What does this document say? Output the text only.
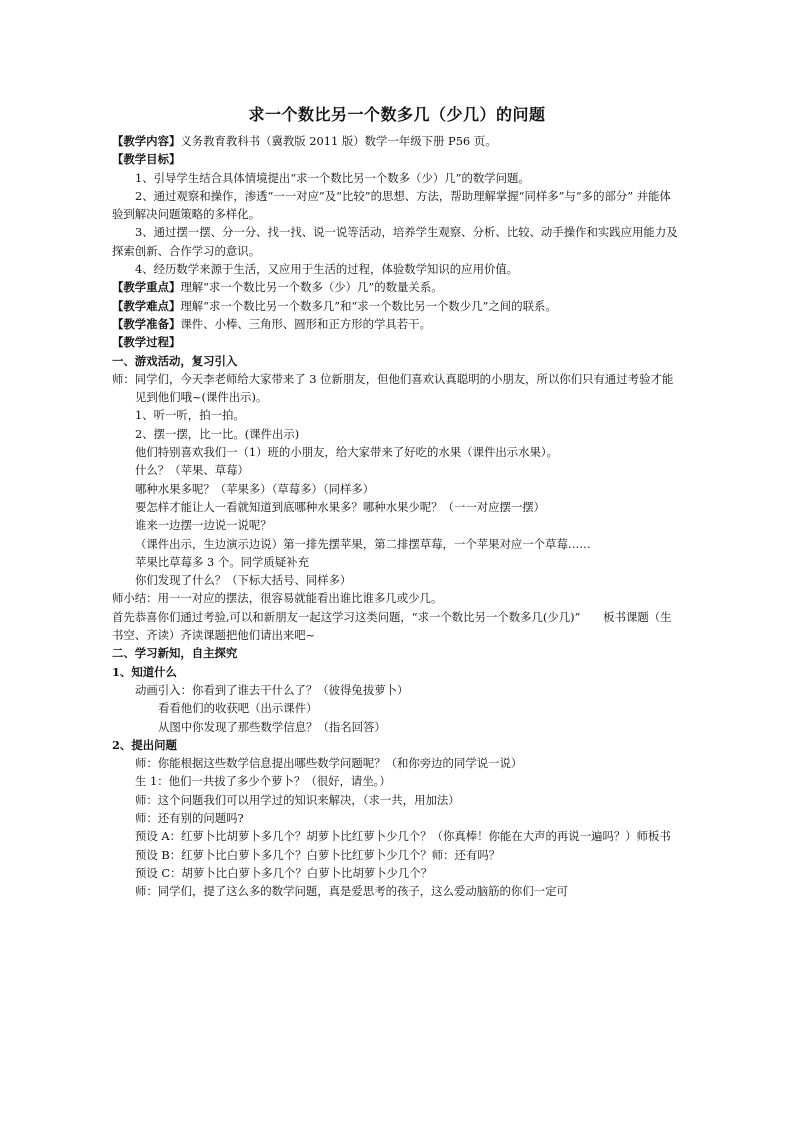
求一个数比另一个数多几（少几）的问题
【教学内容】义务教育教科书（冀教版 2011 版）数学一年级下册 P56 页。
【教学目标】
1、引导学生结合具体情境提出“求一个数比另一个数多（少）几”的数学问题。
2、通过观察和操作，渗透“一一对应”及“比较”的思想、方法，帮助理解掌握“同样多”与“多的部分” 并能体验到解决问题策略的多样化。
3、通过摆一摆、分一分、找一找、说一说等活动，培养学生观察、分析、比较、动手操作和实践应用能力及探索创新、合作学习的意识。
4、经历数学来源于生活，又应用于生活的过程，体验数学知识的应用价值。
【教学重点】理解“求一个数比另一个数多（少）几”的数量关系。
【教学难点】理解“求一个数比另一个数多几”和“求一个数比另一个数少几”之间的联系。
【教学准备】课件、小棒、三角形、圆形和正方形的学具若干。
【教学过程】
一、游戏活动，复习引入
师：同学们，今天李老师给大家带来了 3 位新朋友，但他们喜欢认真聪明的小朋友，所以你们只有通过考验才能见到他们哦~(课件出示)。
1、听一听，拍一拍。
2、摆一摆，比一比。(课件出示)
他们特别喜欢我们一（1）班的小朋友，给大家带来了好吃的水果（课件出示水果）。
什么？（苹果、草莓）
哪种水果多呢？（苹果多）（草莓多）（同样多）
要怎样才能让人一看就知道到底哪种水果多？哪种水果少呢？（一一对应摆一摆）
谁来一边摆一边说一说呢？
（课件出示，生边演示边说）第一排先摆苹果，第二排摆草莓，一个苹果对应一个草莓……
苹果比草莓多 3 个。同学质疑补充
你们发现了什么？（下标大括号、同样多）
师小结：用一一对应的摆法，很容易就能看出谁比谁多几或少几。
首先恭喜你们通过考验,可以和新朋友一起这学习这类问题，“求一个数比另一个数多几(少几)”　　板书课题（生书空、齐读）齐读课题把他们请出来吧~
二、学习新知，自主探究
1、知道什么
动画引入：你看到了谁去干什么了？（彼得兔拔萝卜）
看看他们的收获吧（出示课件）
从图中你发现了那些数学信息？（指名回答）
2、提出问题
师：你能根据这些数学信息提出哪些数学问题呢？（和你旁边的同学说一说）
生 1：他们一共拔了多少个萝卜？（很好，请坐。）
师：这个问题我们可以用学过的知识来解决，（求一共，用加法）
师：还有别的问题吗?
预设 A：红萝卜比胡萝卜多几个？胡萝卜比红萝卜少几个？（你真棒！你能在大声的再说一遍吗？）师板书
预设 B：红萝卜比白萝卜多几个？白萝卜比红萝卜少几个？师：还有吗？
预设 C：胡萝卜比白萝卜多几个？白萝卜比胡萝卜少几个？
师：同学们，提了这么多的数学问题，真是爱思考的孩子，这么爱动脑筋的你们一定可
